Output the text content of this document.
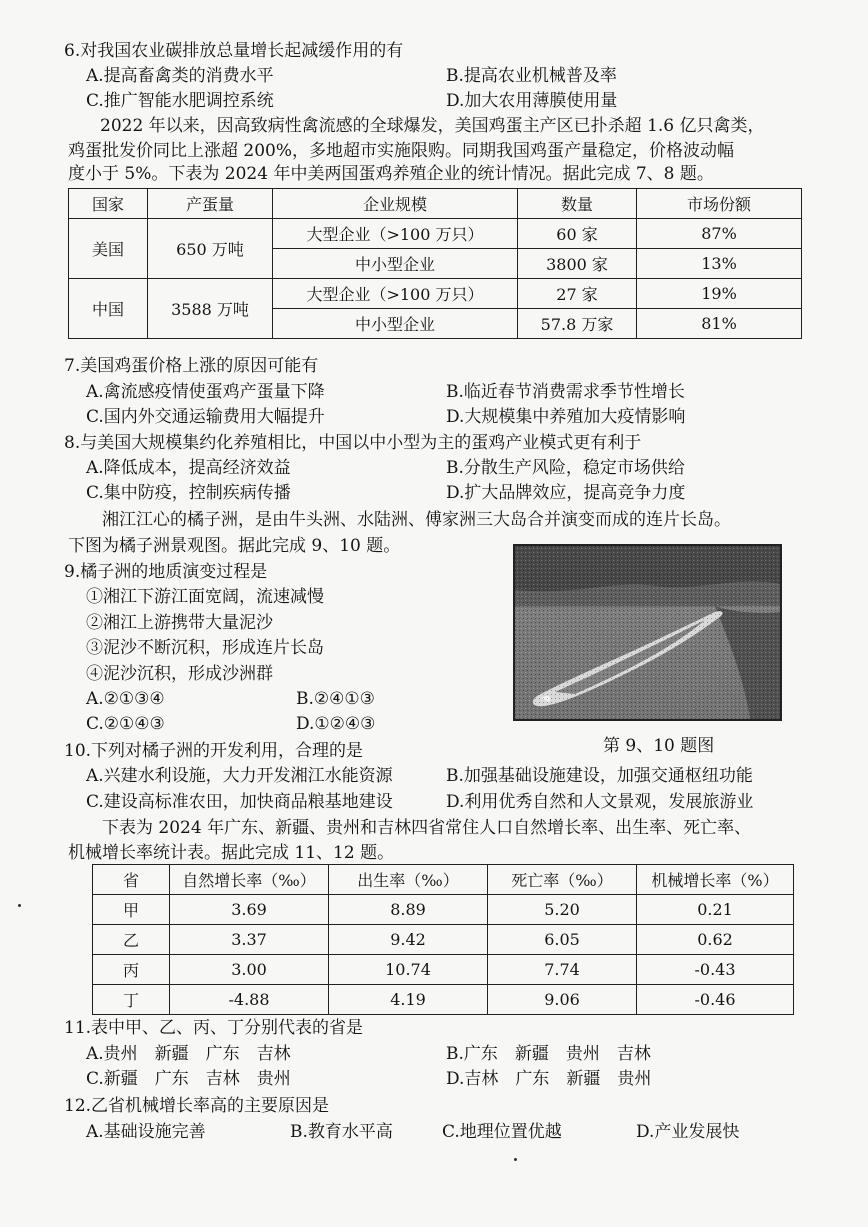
6.对我国农业碳排放总量增长起减缓作用的有
A.提高畜禽类的消费水平	B.提高农业机械普及率
C.推广智能水肥调控系统	D.加大农用薄膜使用量
2022 年以来，因高致病性禽流感的全球爆发，美国鸡蛋主产区已扑杀超 1.6 亿只禽类，
鸡蛋批发价同比上涨超 200%，多地超市实施限购。同期我国鸡蛋产量稳定，价格波动幅
度小于 5%。下表为 2024 年中美两国蛋鸡养殖企业的统计情况。据此完成 7、8 题。
国家	产蛋量	企业规模	数量	市场份额
美国	650 万吨	大型企业（>100 万只）	60 家	87%
		中小型企业	3800 家	13%
中国	3588 万吨	大型企业（>100 万只）	27 家	19%
		中小型企业	57.8 万家	81%
7.美国鸡蛋价格上涨的原因可能有
A.禽流感疫情使蛋鸡产蛋量下降	B.临近春节消费需求季节性增长
C.国内外交通运输费用大幅提升	D.大规模集中养殖加大疫情影响
8.与美国大规模集约化养殖相比，中国以中小型为主的蛋鸡产业模式更有利于
A.降低成本，提高经济效益	B.分散生产风险，稳定市场供给
C.集中防疫，控制疾病传播	D.扩大品牌效应，提高竞争力度
湘江江心的橘子洲，是由牛头洲、水陆洲、傅家洲三大岛合并演变而成的连片长岛。
下图为橘子洲景观图。据此完成 9、10 题。
9.橘子洲的地质演变过程是
①湘江下游江面宽阔，流速减慢
②湘江上游携带大量泥沙
③泥沙不断沉积，形成连片长岛
④泥沙沉积，形成沙洲群
A.②①③④	B.②④①③
C.②①④③	D.①②④③
第 9、10 题图
10.下列对橘子洲的开发利用，合理的是
A.兴建水利设施，大力开发湘江水能资源	B.加强基础设施建设，加强交通枢纽功能
C.建设高标准农田，加快商品粮基地建设	D.利用优秀自然和人文景观，发展旅游业
下表为 2024 年广东、新疆、贵州和吉林四省常住人口自然增长率、出生率、死亡率、
机械增长率统计表。据此完成 11、12 题。
省	自然增长率（‰）	出生率（‰）	死亡率（‰）	机械增长率（%）
甲	3.69	8.89	5.20	0.21
乙	3.37	9.42	6.05	0.62
丙	3.00	10.74	7.74	-0.43
丁	-4.88	4.19	9.06	-0.46
11.表中甲、乙、丙、丁分别代表的省是
A.贵州　新疆　广东　吉林	B.广东　新疆　贵州　吉林
C.新疆　广东　吉林　贵州	D.吉林　广东　新疆　贵州
12.乙省机械增长率高的主要原因是
A.基础设施完善	B.教育水平高	C.地理位置优越	D.产业发展快
